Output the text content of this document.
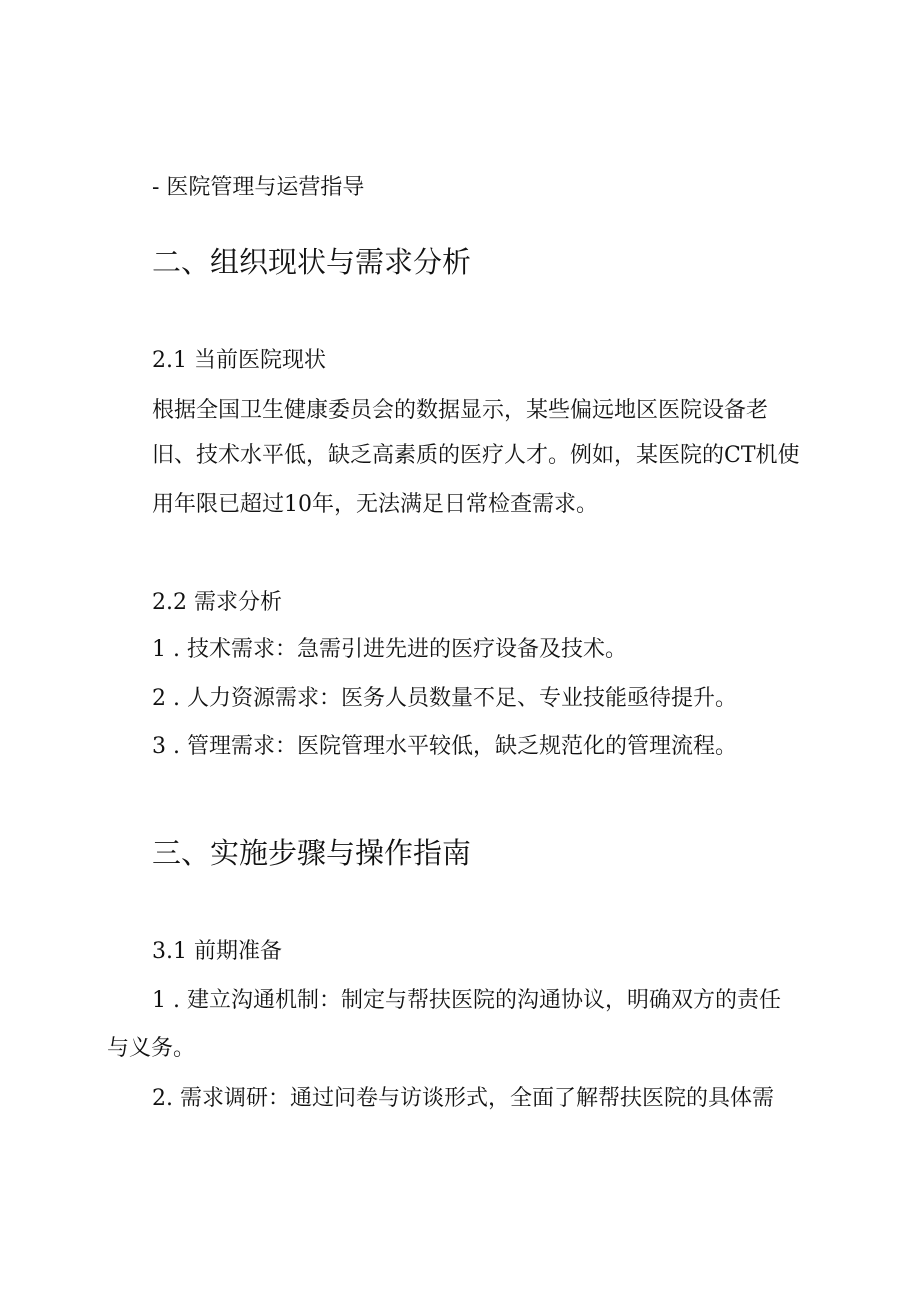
- 医院管理与运营指导

二、组织现状与需求分析
2.1 当前医院现状

根据全国卫生健康委员会的数据显示，某些偏远地区医院设备老

旧、技术水平低，缺乏高素质的医疗人才。例如，某医院的CT机使

用年限已超过10年，无法满足日常检查需求。

2.2 需求分析

1 . 技术需求：急需引进先进的医疗设备及技术。

2 . 人力资源需求：医务人员数量不足、专业技能亟待提升。

3 . 管理需求：医院管理水平较低，缺乏规范化的管理流程。

三、实施步骤与操作指南
3.1 前期准备

1 . 建立沟通机制：制定与帮扶医院的沟通协议，明确双方的责任

与义务。

2. 需求调研：通过问卷与访谈形式，全面了解帮扶医院的具体需
